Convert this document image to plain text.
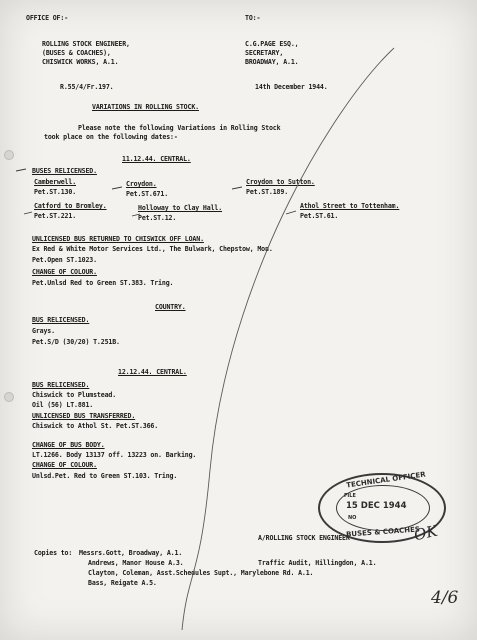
OFFICE OF:-	TO:-
ROLLING STOCK ENGINEER,
(BUSES & COACHES),
CHISWICK WORKS, A.1.
C.G.PAGE ESQ.,
SECRETARY,
BROADWAY, A.1.
R.55/4/Fr.197.	14th December 1944.
VARIATIONS IN ROLLING STOCK.
Please note the following Variations in Rolling Stock
took place on the following dates:-
11.12.44. CENTRAL.
BUSES RELICENSED.
Camberwell.
Pet.ST.130.
Croydon.
Pet.ST.671.
Croydon to Sutton.
Pet.ST.189.
Catford to Bromley.
Pet.ST.221.
Holloway to Clay Hall.
Pet.ST.12.
Athol Street to Tottenham.
Pet.ST.61.
UNLICENSED BUS RETURNED TO CHISWICK OFF LOAN.
Ex Red & White Motor Services Ltd., The Bulwark, Chepstow, Mon.
Pet.Open ST.1023.
CHANGE OF COLOUR.
Pet.Unlsd Red to Green ST.383. Tring.
COUNTRY.
BUS RELICENSED.
Grays.
Pet.S/D (30/20) T.251B.
12.12.44. CENTRAL.
BUS RELICENSED.
Chiswick to Plumstead.
Oil (56) LT.881.
UNLICENSED BUS TRANSFERRED.
Chiswick to Athol St. Pet.ST.366.
CHANGE OF BUS BODY.
LT.1266. Body 13137 off. 13223 on. Barking.
CHANGE OF COLOUR.
Unlsd.Pet. Red to Green ST.103. Tring.
A/ROLLING STOCK ENGINEER
Copies to: Messrs.Gott, Broadway, A.1.
Andrews, Manor House A.3.	Traffic Audit, Hillingdon, A.1.
Clayton, Coleman, Asst.Schedules Supt., Marylebone Rd. A.1.
Bass, Reigate A.5.
TECHNICAL OFFICER
FILE
15 DEC 1944
NO
BUSES & COACHES
OK
4/6
